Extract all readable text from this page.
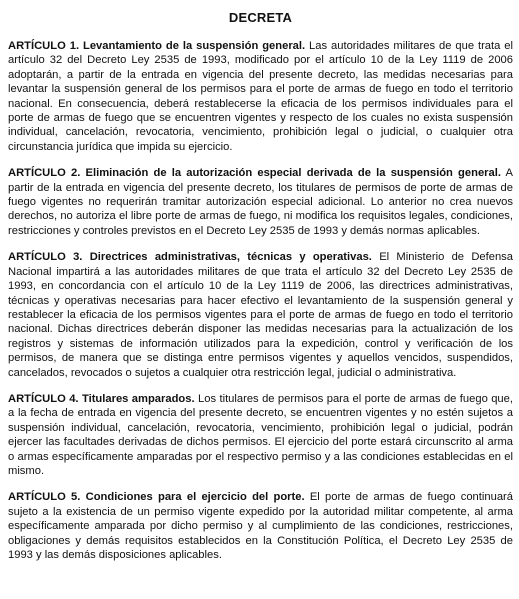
DECRETA

ARTÍCULO 1. Levantamiento de la suspensión general. Las autoridades militares de que trata el artículo 32 del Decreto Ley 2535 de 1993, modificado por el artículo 10 de la Ley 1119 de 2006 adoptarán, a partir de la entrada en vigencia del presente decreto, las medidas necesarias para levantar la suspensión general de los permisos para el porte de armas de fuego en todo el territorio nacional. En consecuencia, deberá restablecerse la eficacia de los permisos individuales para el porte de armas de fuego que se encuentren vigentes y respecto de los cuales no exista suspensión individual, cancelación, revocatoria, vencimiento, prohibición legal o judicial, o cualquier otra circunstancia jurídica que impida su ejercicio.

ARTÍCULO 2. Eliminación de la autorización especial derivada de la suspensión general. A partir de la entrada en vigencia del presente decreto, los titulares de permisos de porte de armas de fuego vigentes no requerirán tramitar autorización especial adicional. Lo anterior no crea nuevos derechos, no autoriza el libre porte de armas de fuego, ni modifica los requisitos legales, condiciones, restricciones y controles previstos en el Decreto Ley 2535 de 1993 y demás normas aplicables.

ARTÍCULO 3. Directrices administrativas, técnicas y operativas. El Ministerio de Defensa Nacional impartirá a las autoridades militares de que trata el artículo 32 del Decreto Ley 2535 de 1993, en concordancia con el artículo 10 de la Ley 1119 de 2006, las directrices administrativas, técnicas y operativas necesarias para hacer efectivo el levantamiento de la suspensión general y restablecer la eficacia de los permisos vigentes para el porte de armas de fuego en todo el territorio nacional. Dichas directrices deberán disponer las medidas necesarias para la actualización de los registros y sistemas de información utilizados para la expedición, control y verificación de los permisos, de manera que se distinga entre permisos vigentes y aquellos vencidos, suspendidos, cancelados, revocados o sujetos a cualquier otra restricción legal, judicial o administrativa.

ARTÍCULO 4. Titulares amparados. Los titulares de permisos para el porte de armas de fuego que, a la fecha de entrada en vigencia del presente decreto, se encuentren vigentes y no estén sujetos a suspensión individual, cancelación, revocatoria, vencimiento, prohibición legal o judicial, podrán ejercer las facultades derivadas de dichos permisos. El ejercicio del porte estará circunscrito al arma o armas específicamente amparadas por el respectivo permiso y a las condiciones establecidas en el mismo.

ARTÍCULO 5. Condiciones para el ejercicio del porte. El porte de armas de fuego continuará sujeto a la existencia de un permiso vigente expedido por la autoridad militar competente, al arma específicamente amparada por dicho permiso y al cumplimiento de las condiciones, restricciones, obligaciones y demás requisitos establecidos en la Constitución Política, el Decreto Ley 2535 de 1993 y las demás disposiciones aplicables.
